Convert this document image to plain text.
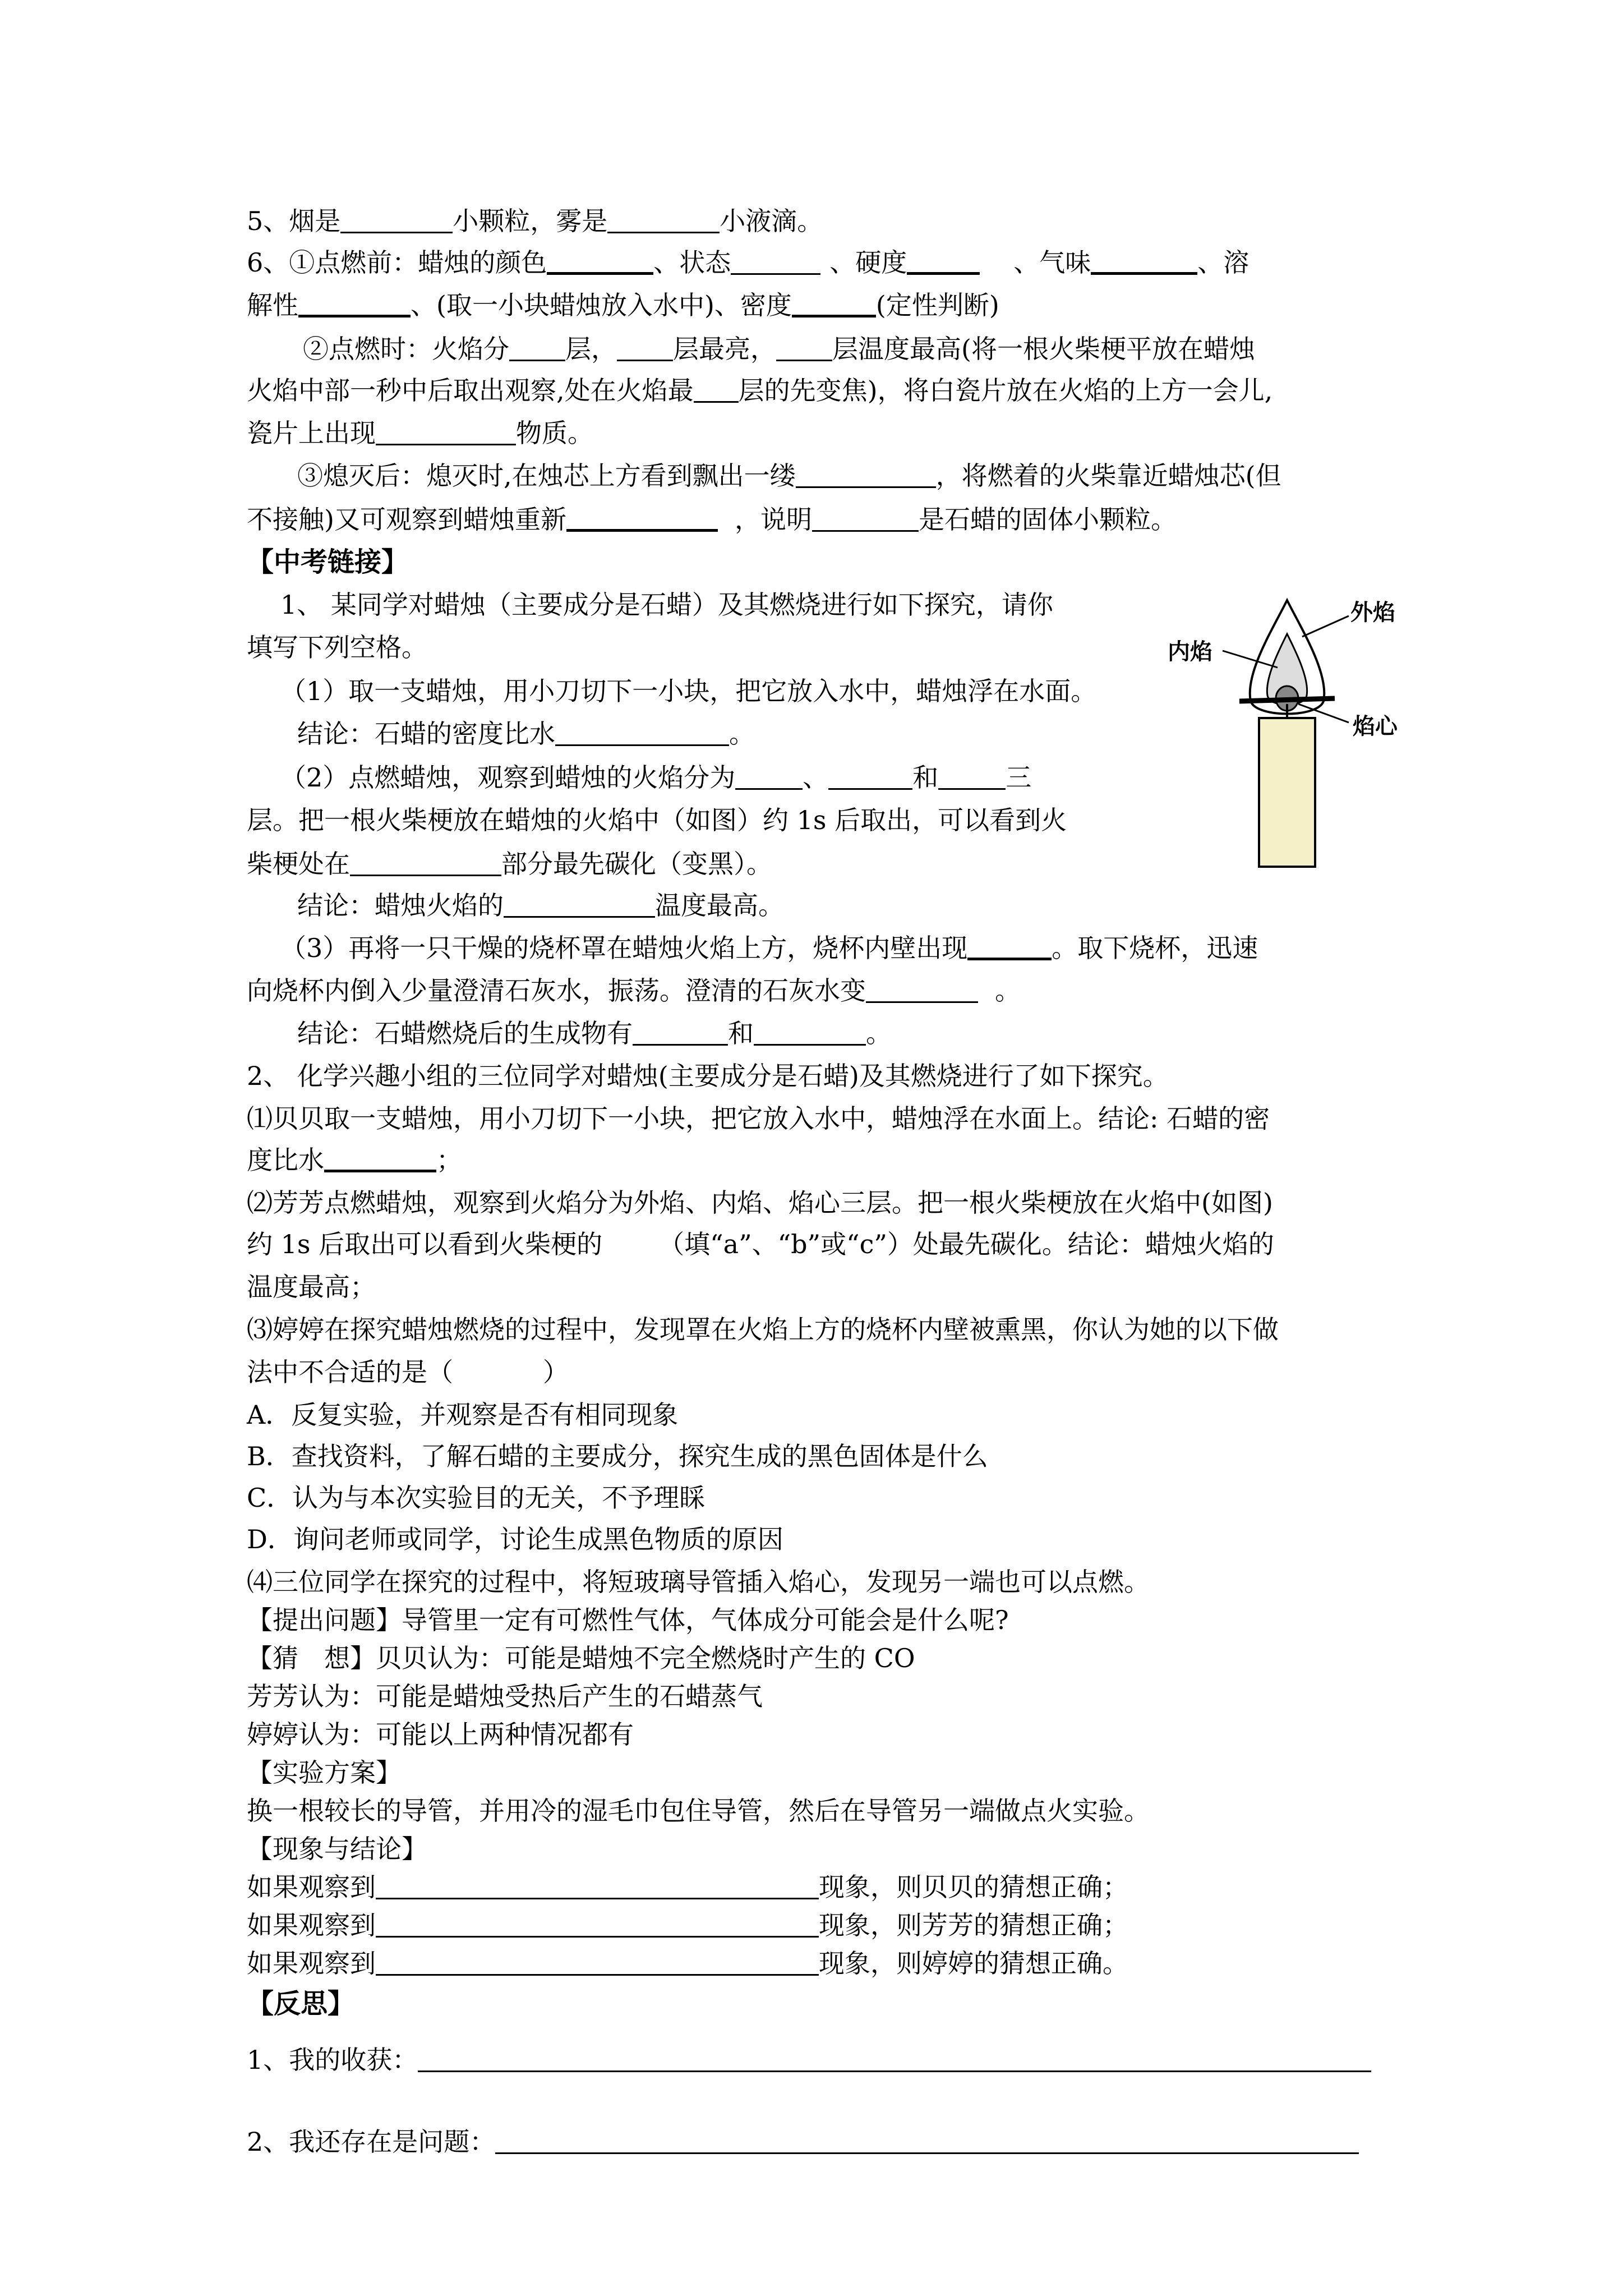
5、烟是	小颗粒，雾是	小液滴。
6、①点燃前：蜡烛的颜色	、状态	、硬度	、气味	、溶
解性	、(取一小块蜡烛放入水中)、密度	(定性判断)
②点燃时：火焰分 层， 层最亮， 层温度最高(将一根火柴梗平放在蜡烛
火焰中部一秒中后取出观察,处在火焰最 层的先变焦)，将白瓷片放在火焰的上方一会儿,
瓷片上出现	物质。
③熄灭后：熄灭时,在烛芯上方看到飘出一缕	，将燃着的火柴靠近蜡烛芯(但
不接触)又可观察到蜡烛重新	，说明	是石蜡的固体小颗粒。
【中考链接】
1、 某同学对蜡烛（主要成分是石蜡）及其燃烧进行如下探究，请你
填写下列空格。
（1）取一支蜡烛，用小刀切下一小块，把它放入水中，蜡烛浮在水面。
结论：石蜡的密度比水	。
（2）点燃蜡烛，观察到蜡烛的火焰分为	、	和	三
层。把一根火柴梗放在蜡烛的火焰中（如图）约 1s 后取出，可以看到火
柴梗处在	部分最先碳化（变黑）。
结论：蜡烛火焰的	温度最高。
（3）再将一只干燥的烧杯罩在蜡烛火焰上方，烧杯内壁出现	。取下烧杯，迅速
向烧杯内倒入少量澄清石灰水，振荡。澄清的石灰水变	。
结论：石蜡燃烧后的生成物有	和	。
外焰
内焰
焰心
2、 化学兴趣小组的三位同学对蜡烛(主要成分是石蜡)及其燃烧进行了如下探究。
⑴贝贝取一支蜡烛，用小刀切下一小块，把它放入水中，蜡烛浮在水面上。结论: 石蜡的密
度比水	；
⑵芳芳点燃蜡烛，观察到火焰分为外焰、内焰、焰心三层。把一根火柴梗放在火焰中(如图)
约 1s 后取出可以看到火柴梗的 （填“a”、“b”或“c”）处最先碳化。结论：蜡烛火焰的
温度最高；
⑶婷婷在探究蜡烛燃烧的过程中，发现罩在火焰上方的烧杯内壁被熏黑，你认为她的以下做
法中不合适的是（	）
A．反复实验，并观察是否有相同现象
B．查找资料，了解石蜡的主要成分，探究生成的黑色固体是什么
C．认为与本次实验目的无关，不予理睬
D．询问老师或同学，讨论生成黑色物质的原因
⑷三位同学在探究的过程中，将短玻璃导管插入焰心，发现另一端也可以点燃。
【提出问题】导管里一定有可燃性气体，气体成分可能会是什么呢?
【猜　想】贝贝认为：可能是蜡烛不完全燃烧时产生的 CO
芳芳认为：可能是蜡烛受热后产生的石蜡蒸气
婷婷认为：可能以上两种情况都有
【实验方案】
换一根较长的导管，并用冷的湿毛巾包住导管，然后在导管另一端做点火实验。
【现象与结论】
如果观察到	现象，则贝贝的猜想正确；
如果观察到	现象，则芳芳的猜想正确；
如果观察到	现象，则婷婷的猜想正确。
【反思】
1、我的收获：
2、我还存在是问题：
